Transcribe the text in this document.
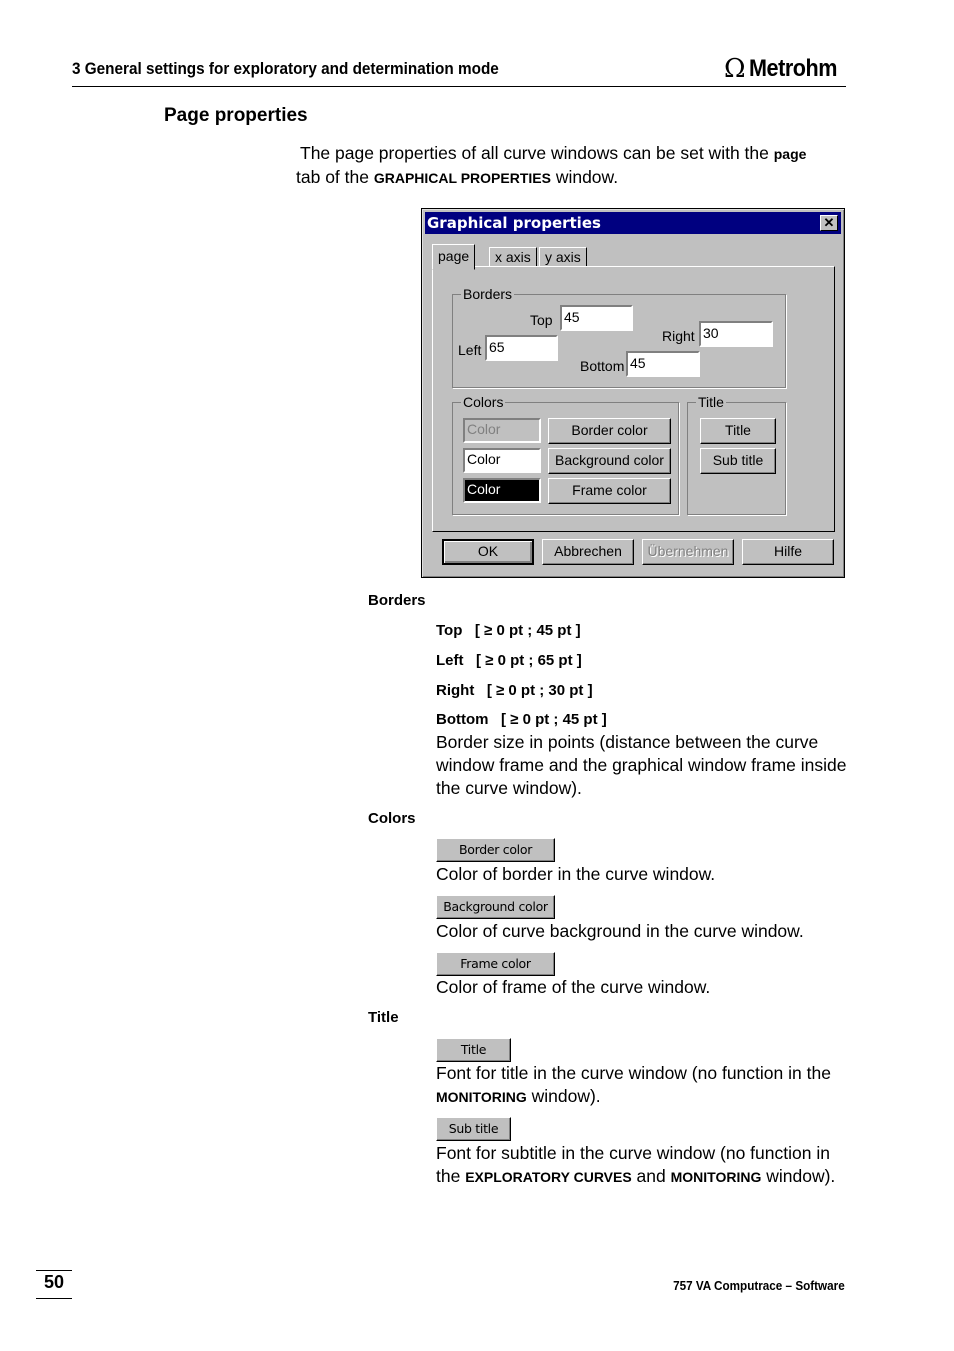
3 General settings for exploratory and determination mode	Ω Metrohm
Page properties
The page properties of all curve windows can be set with the page
tab of the GRAPHICAL PROPERTIES window.
Graphical properties	✕
page	x axis	y axis
Borders
Top 45
Left 65
Right 30
Bottom 45
Colors
Color	Border color
Color	Background color
Color	Frame color
Title
Title
Sub title
OK	Abbrechen	Übernehmen	Hilfe
Borders
Top [ ≥ 0 pt ; 45 pt ]
Left [ ≥ 0 pt ; 65 pt ]
Right [ ≥ 0 pt ; 30 pt ]
Bottom [ ≥ 0 pt ; 45 pt ]
Border size in points (distance between the curve window frame and the graphical window frame inside the curve window).
Colors
Border color
Color of border in the curve window.
Background color
Color of curve background in the curve window.
Frame color
Color of frame of the curve window.
Title
Title
Font for title in the curve window (no function in the MONITORING window).
Sub title
Font for subtitle in the curve window (no function in the EXPLORATORY CURVES and MONITORING window).
50	757 VA Computrace – Software
